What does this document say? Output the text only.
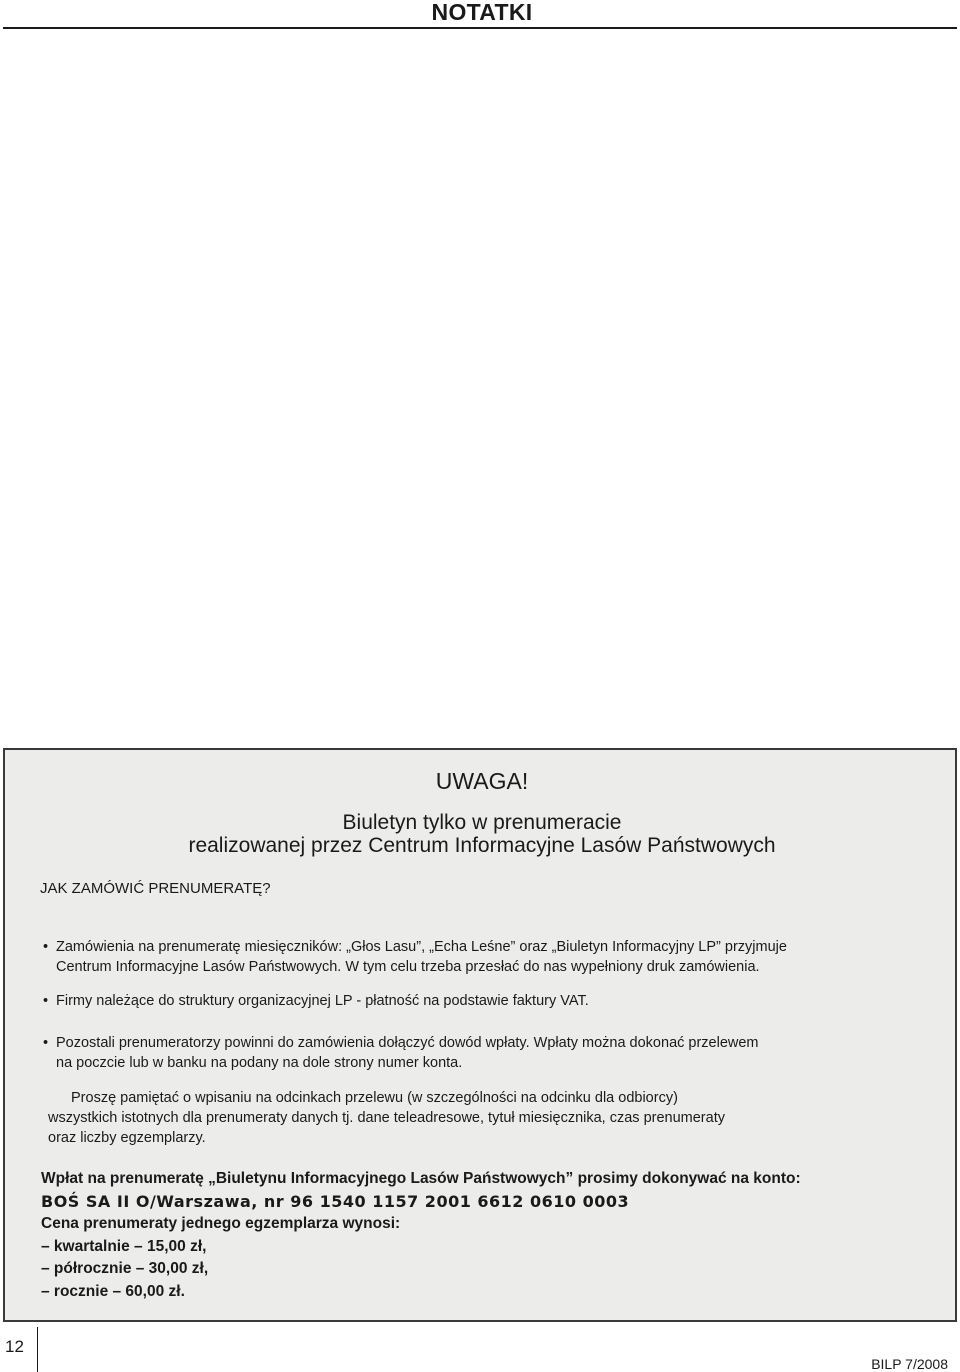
NOTATKI
UWAGA!
Biuletyn tylko w prenumeracie
realizowanej przez Centrum Informacyjne Lasów Państwowych
JAK ZAMÓWIĆ PRENUMERATĘ?
• Zamówienia na prenumeratę miesięczników: „Głos Lasu”, „Echa Leśne” oraz „Biuletyn Informacyjny LP” przyjmuje
Centrum Informacyjne Lasów Państwowych. W tym celu trzeba przesłać do nas wypełniony druk zamówienia.
• Firmy należące do struktury organizacyjnej LP - płatność na podstawie faktury VAT.
• Pozostali prenumeratorzy powinni do zamówienia dołączyć dowód wpłaty. Wpłaty można dokonać przelewem
na poczcie lub w banku na podany na dole strony numer konta.
Proszę pamiętać o wpisaniu na odcinkach przelewu (w szczególności na odcinku dla odbiorcy)
wszystkich istotnych dla prenumeraty danych tj. dane teleadresowe, tytuł miesięcznika, czas prenumeraty
oraz liczby egzemplarzy.
Wpłat na prenumeratę „Biuletynu Informacyjnego Lasów Państwowych” prosimy dokonywać na konto:
BOŚ SA II O/Warszawa, nr 96 1540 1157 2001 6612 0610 0003
Cena prenumeraty jednego egzemplarza wynosi:
– kwartalnie – 15,00 zł,
– półrocznie – 30,00 zł,
– rocznie – 60,00 zł.
12
BILP 7/2008
